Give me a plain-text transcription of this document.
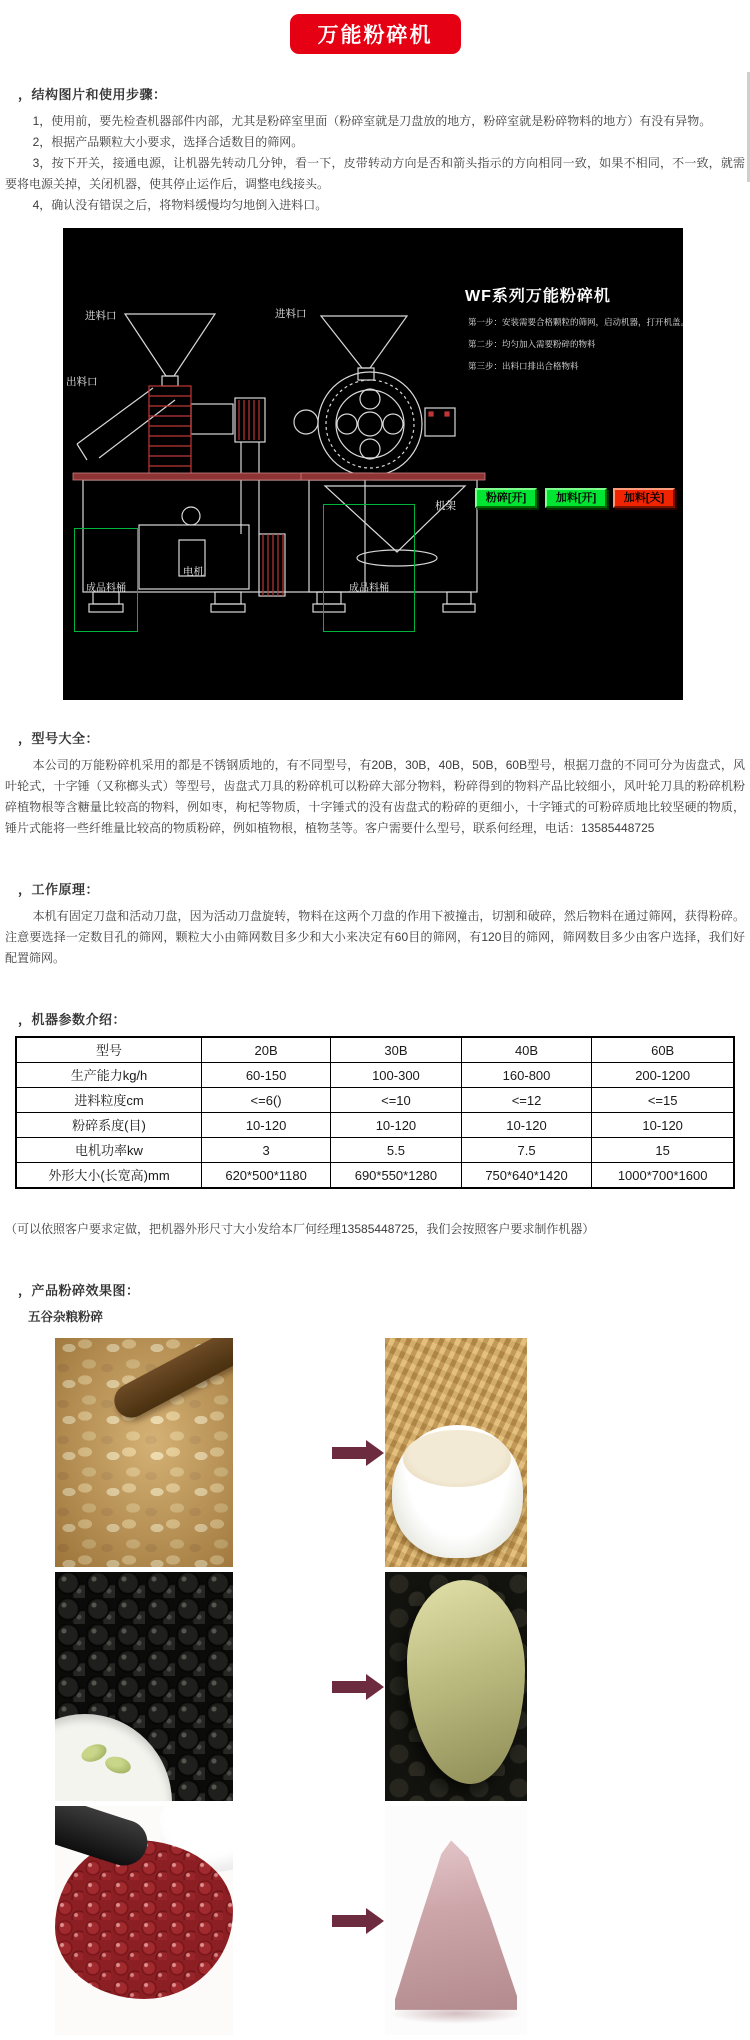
万能粉碎机
，结构图片和使用步骤：

1，使用前，要先检查机器部件内部，尤其是粉碎室里面（粉碎室就是刀盘放的地方，粉碎室就是粉碎物料的地方）有没有异物。

2，根据产品颗粒大小要求，选择合适数目的筛网。

3，按下开关，接通电源，让机器先转动几分钟，看一下，皮带转动方向是否和箭头指示的方向相同一致，如果不相同，不一致，就需要将电源关掉，关闭机器，使其停止运作后，调整电线接头。

4，确认没有错误之后，将物料缓慢均匀地倒入进料口。

WF系列万能粉碎机
第一步：安装需要合格颗粒的筛网，启动机器，打开机盖。
第二步：均匀加入需要粉碎的物料
第三步：出料口排出合格物料
进料口	进料口
出料口
电机
机架
成品料桶	成品料桶
粉碎[开]	加料[开]	加料[关]
，型号大全：

本公司的万能粉碎机采用的都是不锈钢质地的，有不同型号，有20B，30B，40B，50B，60B型号，根据刀盘的不同可分为齿盘式，风叶轮式，十字锤（又称榔头式）等型号，齿盘式刀具的粉碎机可以粉碎大部分物料，粉碎得到的物料产品比较细小，风叶轮刀具的粉碎机粉碎植物根等含糖量比较高的物料，例如枣，枸杞等物质，十字锤式的没有齿盘式的粉碎的更细小，十字锤式的可粉碎质地比较坚硬的物质，锤片式能将一些纤维量比较高的物质粉碎，例如植物根，植物茎等。客户需要什么型号，联系何经理，电话：13585448725

，工作原理：

本机有固定刀盘和活动刀盘，因为活动刀盘旋转，物料在这两个刀盘的作用下被撞击，切割和破碎，然后物料在通过筛网，获得粉碎。注意要选择一定数目孔的筛网，颗粒大小由筛网数目多少和大小来决定有60目的筛网，有120目的筛网，筛网数目多少由客户选择，我们好配置筛网。

，机器参数介绍：
型号	20B	30B	40B	60B
生产能力kg/h	60-150	100-300	160-800	200-1200
进料粒度cm	<=6()	<=10	<=12	<=15
粉碎系度(目)	10-120	10-120	10-120	10-120
电机功率kw	3	5.5	7.5	15
外形大小(长宽高)mm	620*500*1180	690*550*1280	750*640*1420	1000*700*1600

（可以依照客户要求定做，把机器外形尺寸大小发给本厂何经理13585448725，我们会按照客户要求制作机器）

，产品粉碎效果图：
五谷杂粮粉碎
